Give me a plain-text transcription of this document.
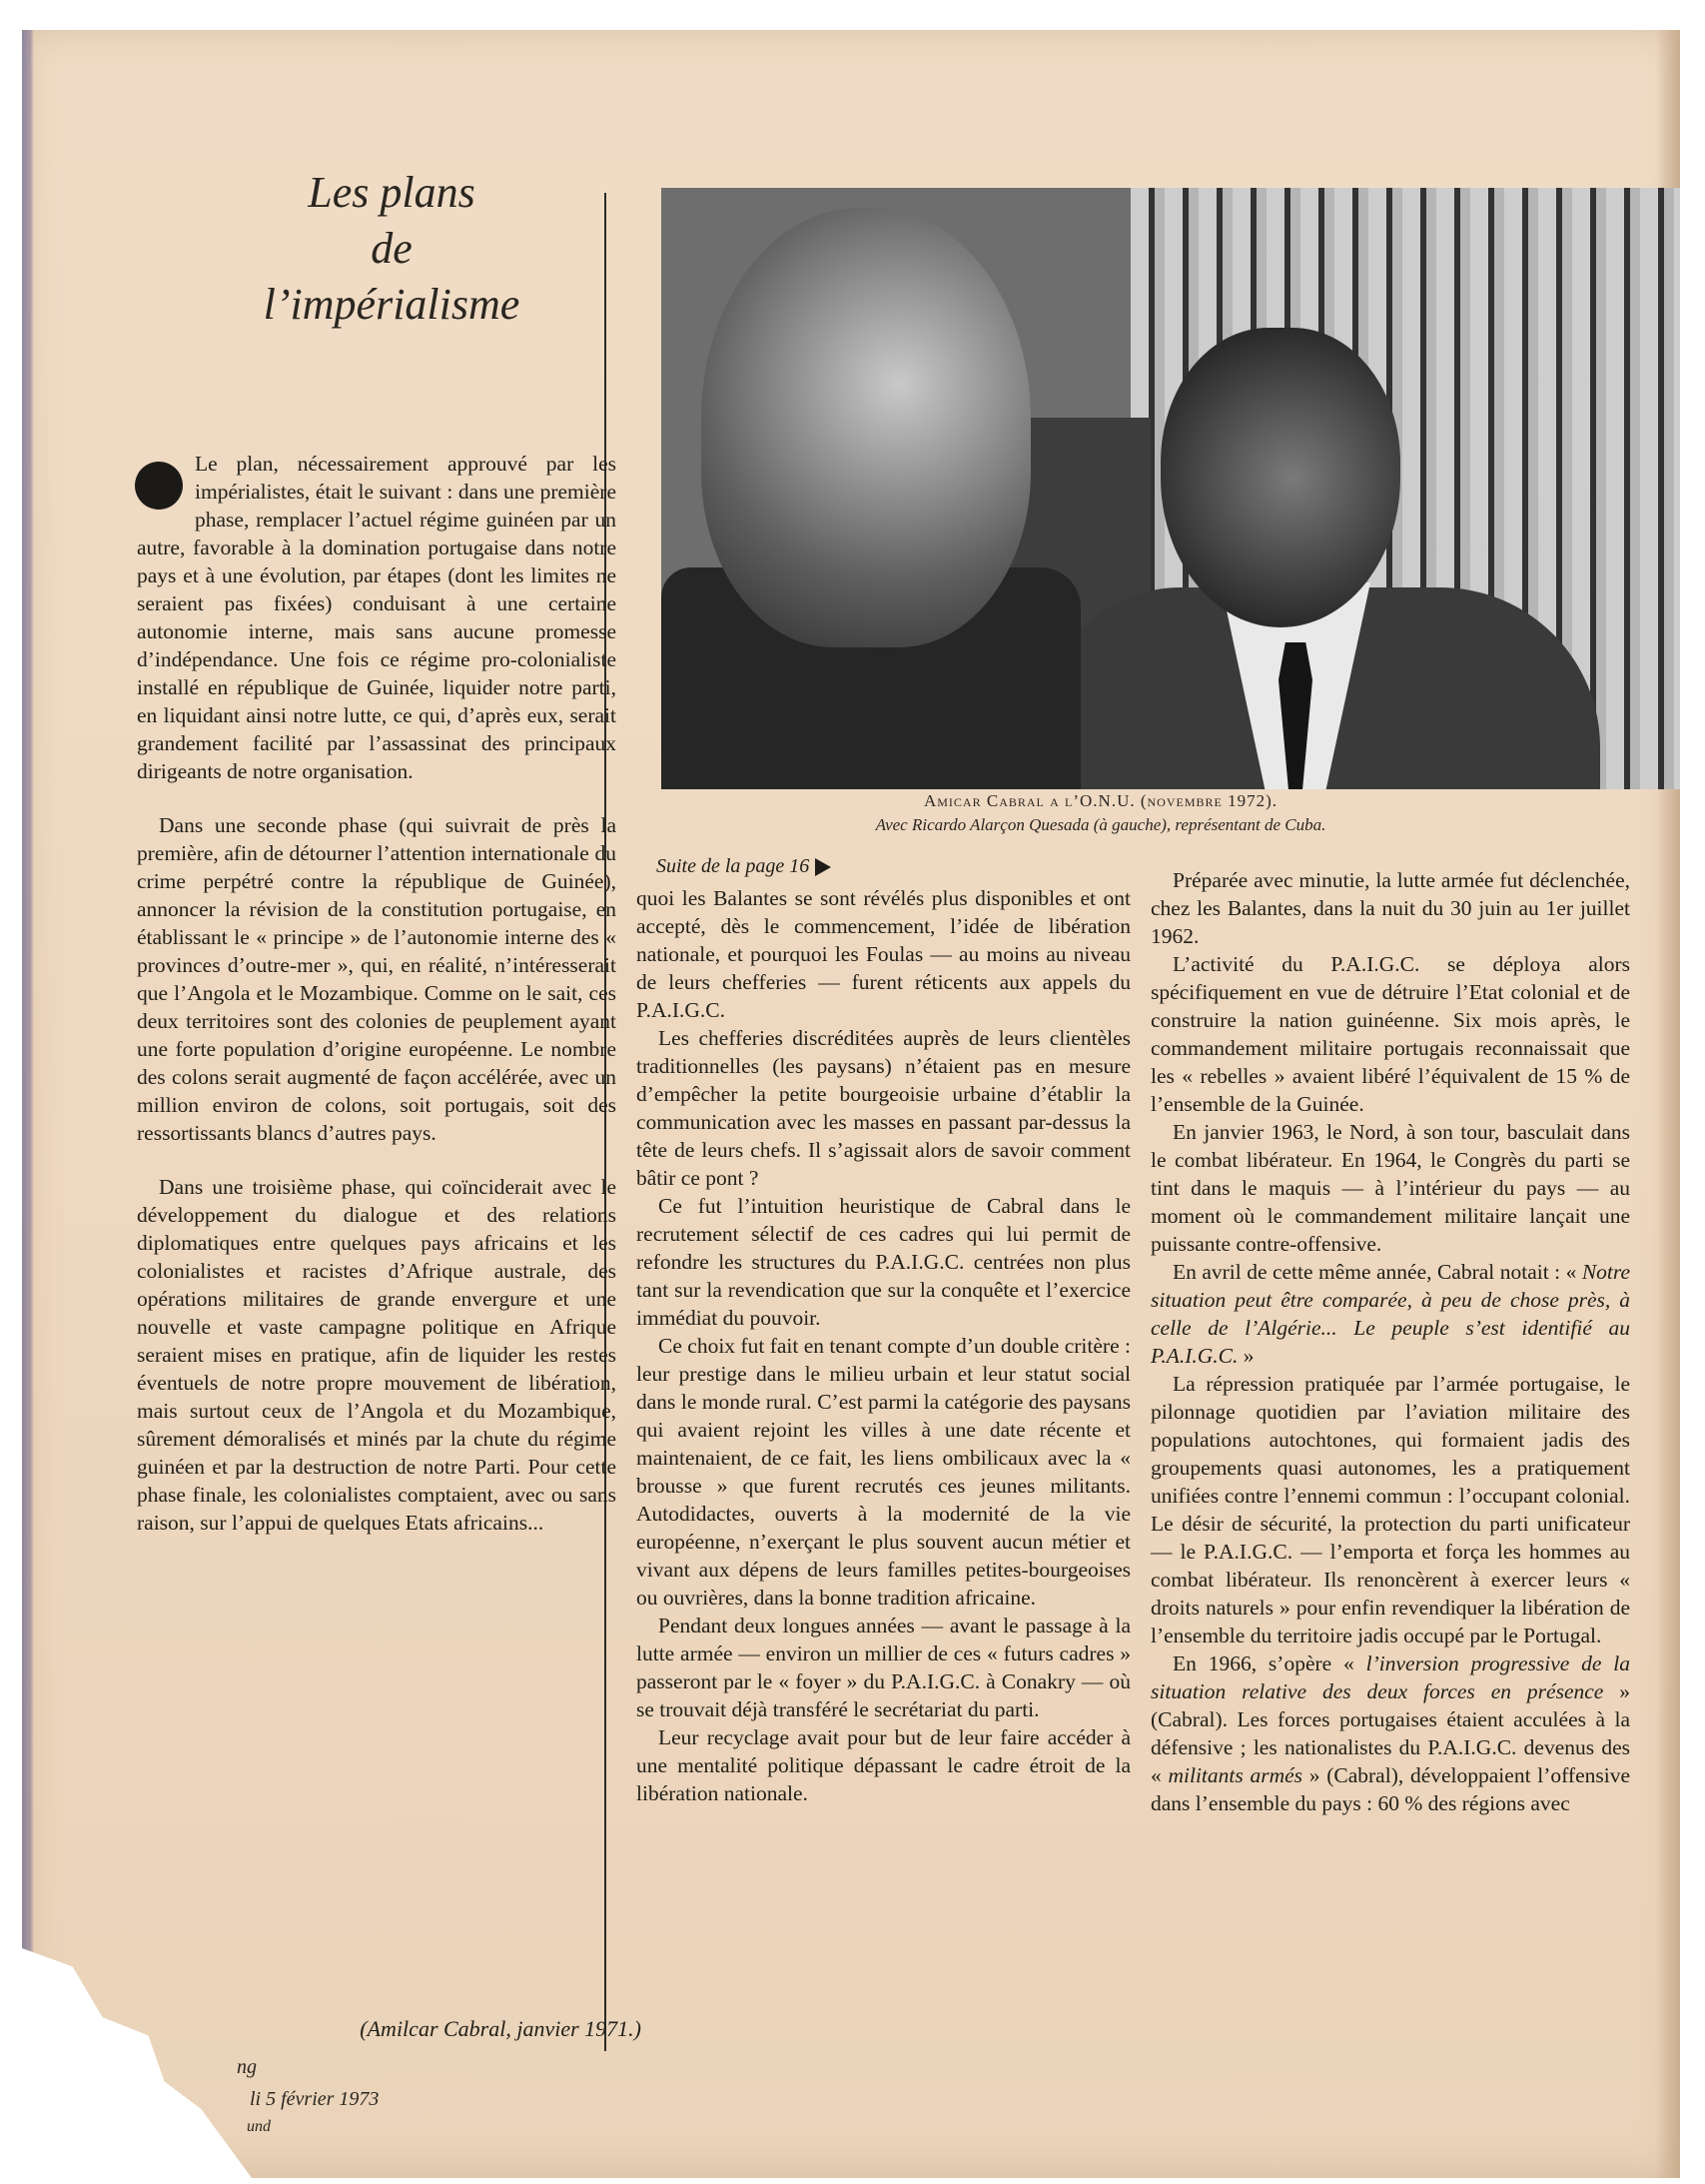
Les plans
de
l’impérialisme

Le plan, nécessairement approuvé par les impérialistes, était le suivant : dans une première phase, remplacer l’actuel régime guinéen par un autre, favorable à la domination portugaise dans notre pays et à une évolution, par étapes (dont les limites ne seraient pas fixées) conduisant à une certaine autonomie interne, mais sans aucune promesse d’indépendance. Une fois ce régime pro-colonialiste installé en république de Guinée, liquider notre parti, en liquidant ainsi notre lutte, ce qui, d’après eux, serait grandement facilité par l’assassinat des principaux dirigeants de notre organisation.

Dans une seconde phase (qui suivrait de près la première, afin de détourner l’attention internationale du crime perpétré contre la république de Guinée), annoncer la révision de la constitution portugaise, en établissant le « principe » de l’autonomie interne des « provinces d’outre-mer », qui, en réalité, n’intéresserait que l’Angola et le Mozambique. Comme on le sait, ces deux territoires sont des colonies de peuplement ayant une forte population d’origine européenne. Le nombre des colons serait augmenté de façon accélérée, avec un million environ de colons, soit portugais, soit des ressortissants blancs d’autres pays.

Dans une troisième phase, qui coïnciderait avec le développement du dialogue et des relations diplomatiques entre quelques pays africains et les colonialistes et racistes d’Afrique australe, des opérations militaires de grande envergure et une nouvelle et vaste campagne politique en Afrique seraient mises en pratique, afin de liquider les restes éventuels de notre propre mouvement de libération, mais surtout ceux de l’Angola et du Mozambique, sûrement démoralisés et minés par la chute du régime guinéen et par la destruction de notre Parti. Pour cette phase finale, les colonialistes comptaient, avec ou sans raison, sur l’appui de quelques Etats africains...

(Amilcar Cabral, janvier 1971.)
ng
li 5 février 1973
und
Amicar Cabral a l’O.N.U. (novembre 1972).
Avec Ricardo Alarçon Quesada (à gauche), représentant de Cuba.
Suite de la page 16

quoi les Balantes se sont révélés plus disponibles et ont accepté, dès le commencement, l’idée de libération nationale, et pourquoi les Foulas — au moins au niveau de leurs chefferies — furent réticents aux appels du P.A.I.G.C.

Les chefferies discréditées auprès de leurs clientèles traditionnelles (les paysans) n’étaient pas en mesure d’empêcher la petite bourgeoisie urbaine d’établir la communication avec les masses en passant par-dessus la tête de leurs chefs. Il s’agissait alors de savoir comment bâtir ce pont ?

Ce fut l’intuition heuristique de Cabral dans le recrutement sélectif de ces cadres qui lui permit de refondre les structures du P.A.I.G.C. centrées non plus tant sur la revendication que sur la conquête et l’exercice immédiat du pouvoir.

Ce choix fut fait en tenant compte d’un double critère : leur prestige dans le milieu urbain et leur statut social dans le monde rural. C’est parmi la catégorie des paysans qui avaient rejoint les villes à une date récente et maintenaient, de ce fait, les liens ombilicaux avec la « brousse » que furent recrutés ces jeunes militants. Autodidactes, ouverts à la modernité de la vie européenne, n’exerçant le plus souvent aucun métier et vivant aux dépens de leurs familles petites-bourgeoises ou ouvrières, dans la bonne tradition africaine.

Pendant deux longues années — avant le passage à la lutte armée — environ un millier de ces « futurs cadres » passeront par le « foyer » du P.A.I.G.C. à Conakry — où se trouvait déjà transféré le secrétariat du parti.

Leur recyclage avait pour but de leur faire accéder à une mentalité politique dépassant le cadre étroit de la libération nationale.

Préparée avec minutie, la lutte armée fut déclenchée, chez les Balantes, dans la nuit du 30 juin au 1er juillet 1962.

L’activité du P.A.I.G.C. se déploya alors spécifiquement en vue de détruire l’Etat colonial et de construire la nation guinéenne. Six mois après, le commandement militaire portugais reconnaissait que les « rebelles » avaient libéré l’équivalent de 15 % de l’ensemble de la Guinée.

En janvier 1963, le Nord, à son tour, basculait dans le combat libérateur. En 1964, le Congrès du parti se tint dans le maquis — à l’intérieur du pays — au moment où le commandement militaire lançait une puissante contre-offensive.

En avril de cette même année, Cabral notait : « Notre situation peut être comparée, à peu de chose près, à celle de l’Algérie... Le peuple s’est identifié au P.A.I.G.C. »

La répression pratiquée par l’armée portugaise, le pilonnage quotidien par l’aviation militaire des populations autochtones, qui formaient jadis des groupements quasi autonomes, les a pratiquement unifiées contre l’ennemi commun : l’occupant colonial. Le désir de sécurité, la protection du parti unificateur — le P.A.I.G.C. — l’emporta et força les hommes au combat libérateur. Ils renoncèrent à exercer leurs « droits naturels » pour enfin revendiquer la libération de l’ensemble du territoire jadis occupé par le Portugal.

En 1966, s’opère « l’inversion progressive de la situation relative des deux forces en présence » (Cabral). Les forces portugaises étaient acculées à la défensive ; les nationalistes du P.A.I.G.C. devenus des « militants armés » (Cabral), développaient l’offensive dans l’ensemble du pays : 60 % des régions avec
